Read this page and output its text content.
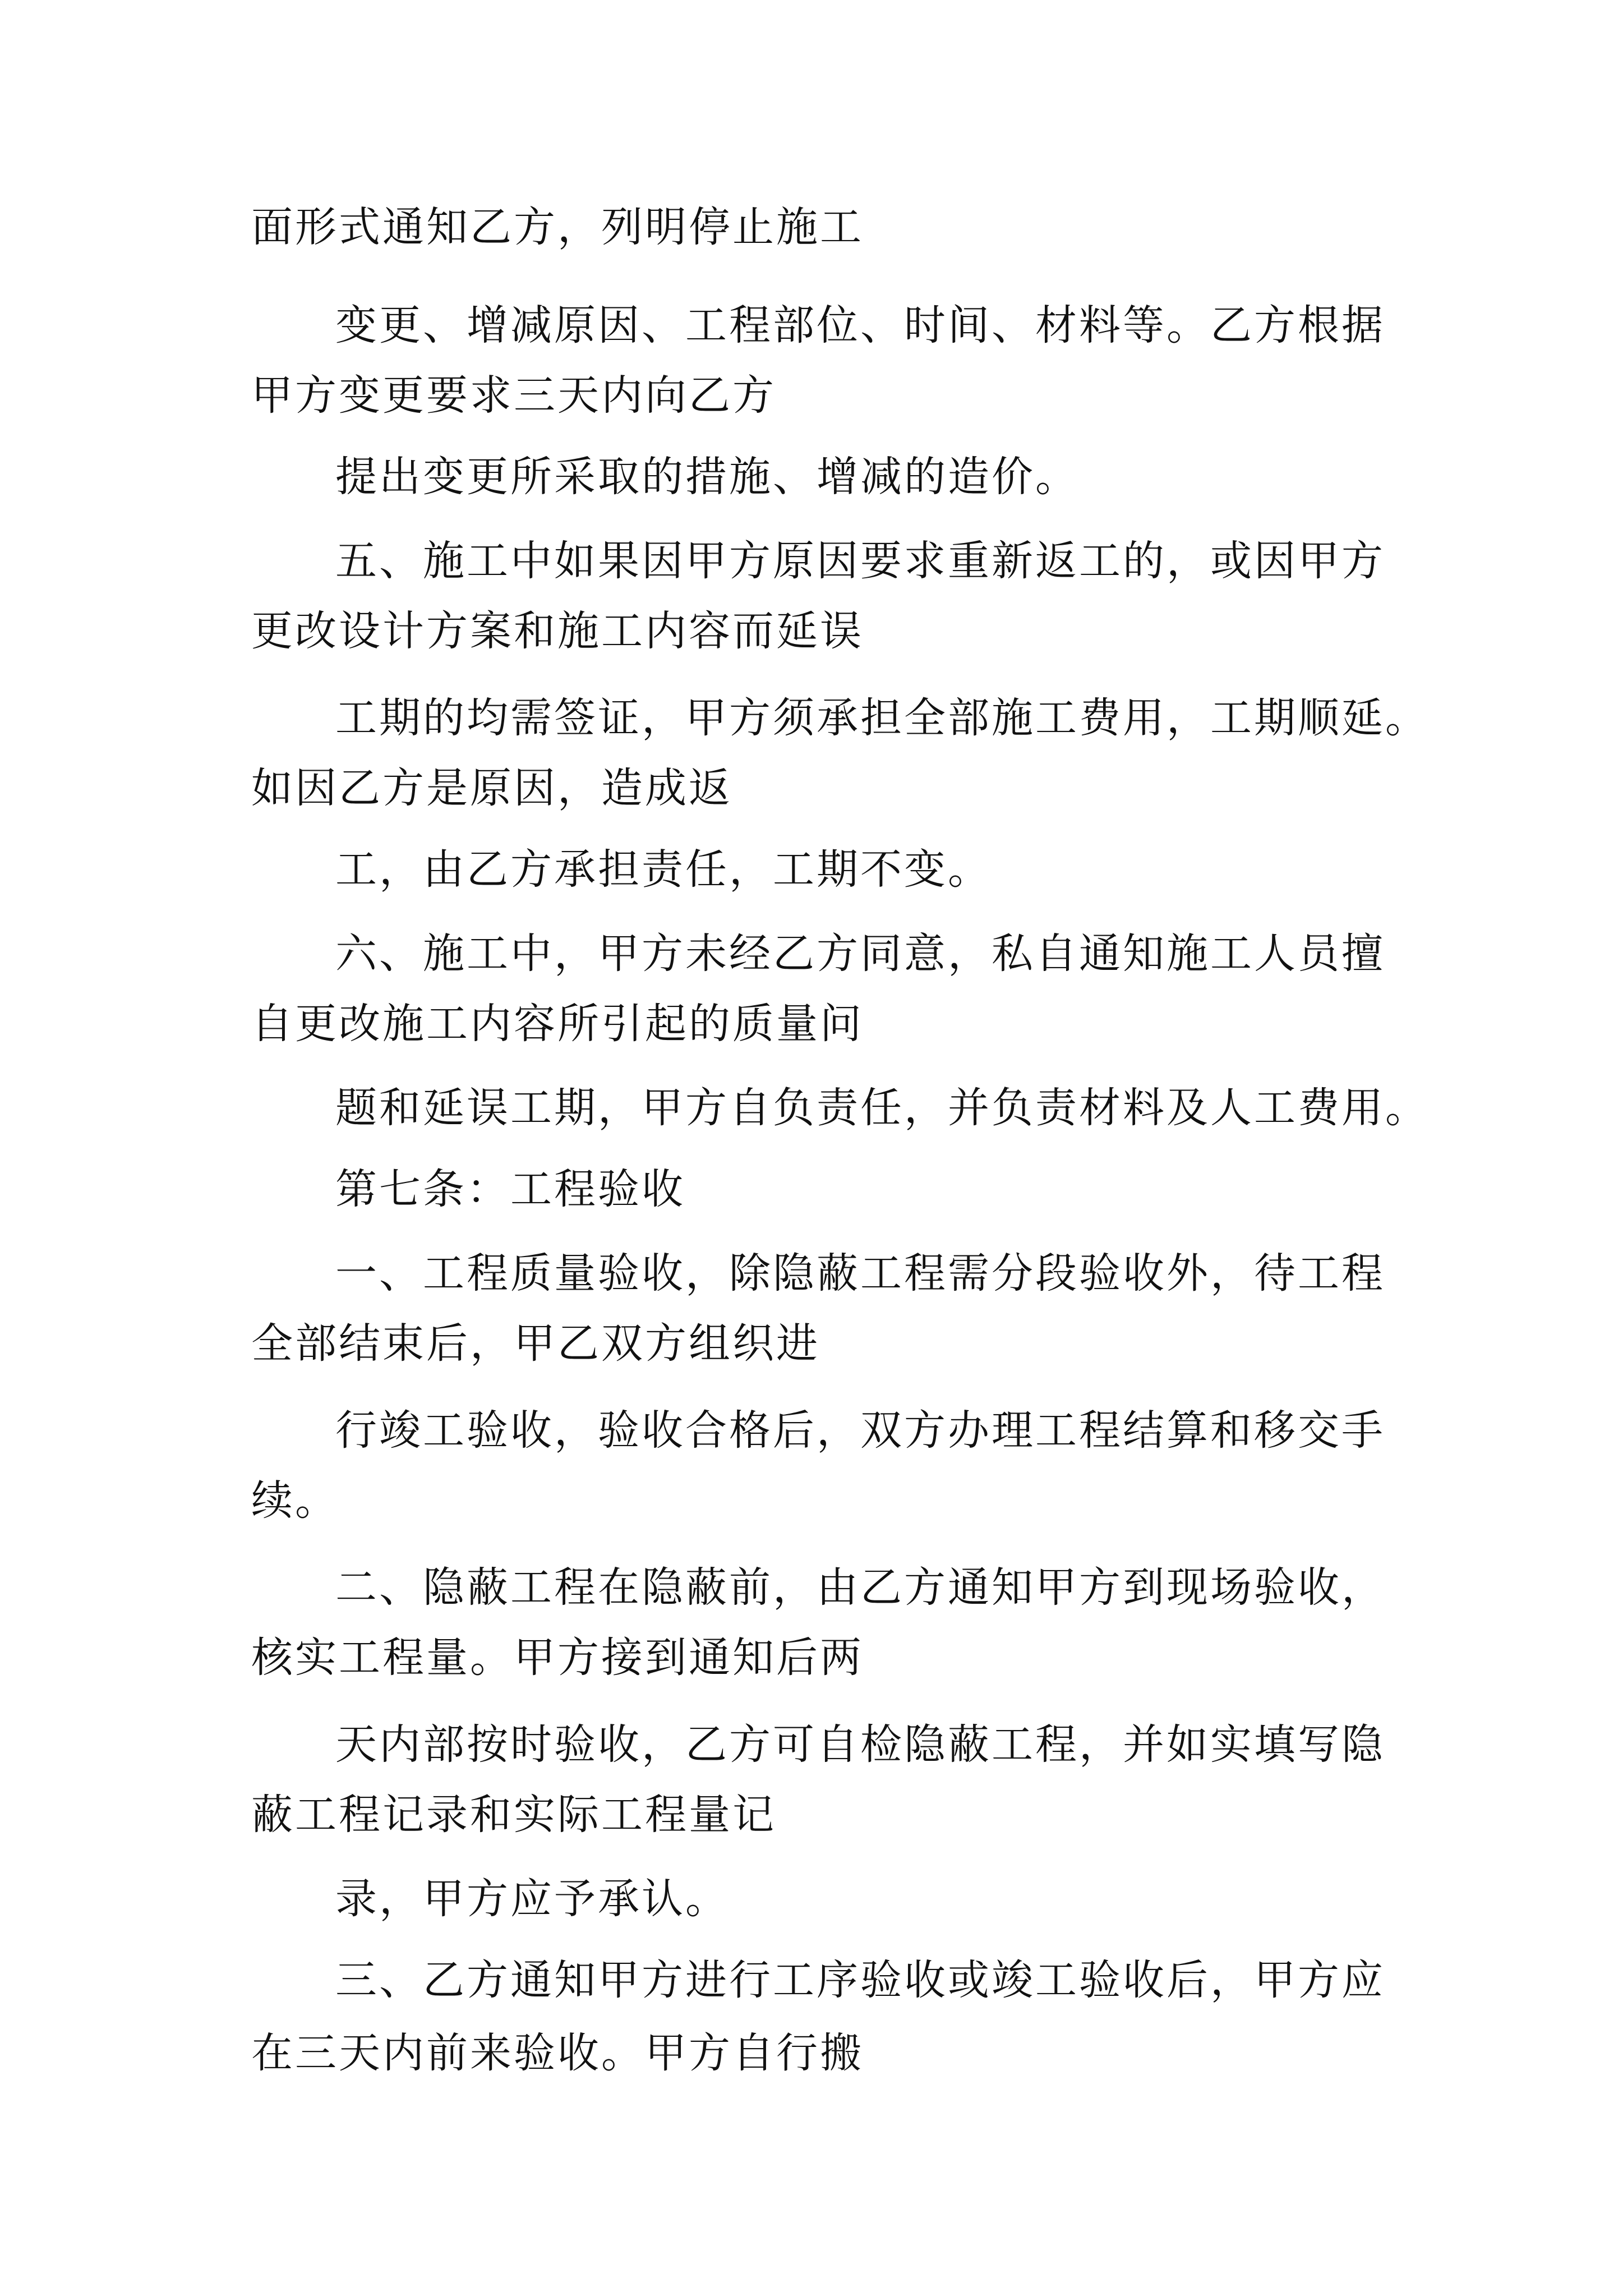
面形式通知乙方，列明停止施工
变更、增减原因、工程部位、时间、材料等。乙方根据
甲方变更要求三天内向乙方
提出变更所采取的措施、增减的造价。
五、施工中如果因甲方原因要求重新返工的，或因甲方
更改设计方案和施工内容而延误
工期的均需签证，甲方须承担全部施工费用，工期顺延。
如因乙方是原因，造成返
工，由乙方承担责任，工期不变。
六、施工中，甲方未经乙方同意，私自通知施工人员擅
自更改施工内容所引起的质量问
题和延误工期，甲方自负责任，并负责材料及人工费用。
第七条：工程验收
一、工程质量验收，除隐蔽工程需分段验收外，待工程
全部结束后，甲乙双方组织进
行竣工验收，验收合格后，双方办理工程结算和移交手
续。
二、隐蔽工程在隐蔽前，由乙方通知甲方到现场验收，
核实工程量。甲方接到通知后两
天内部按时验收，乙方可自检隐蔽工程，并如实填写隐
蔽工程记录和实际工程量记
录，甲方应予承认。
三、乙方通知甲方进行工序验收或竣工验收后，甲方应
在三天内前来验收。甲方自行搬
